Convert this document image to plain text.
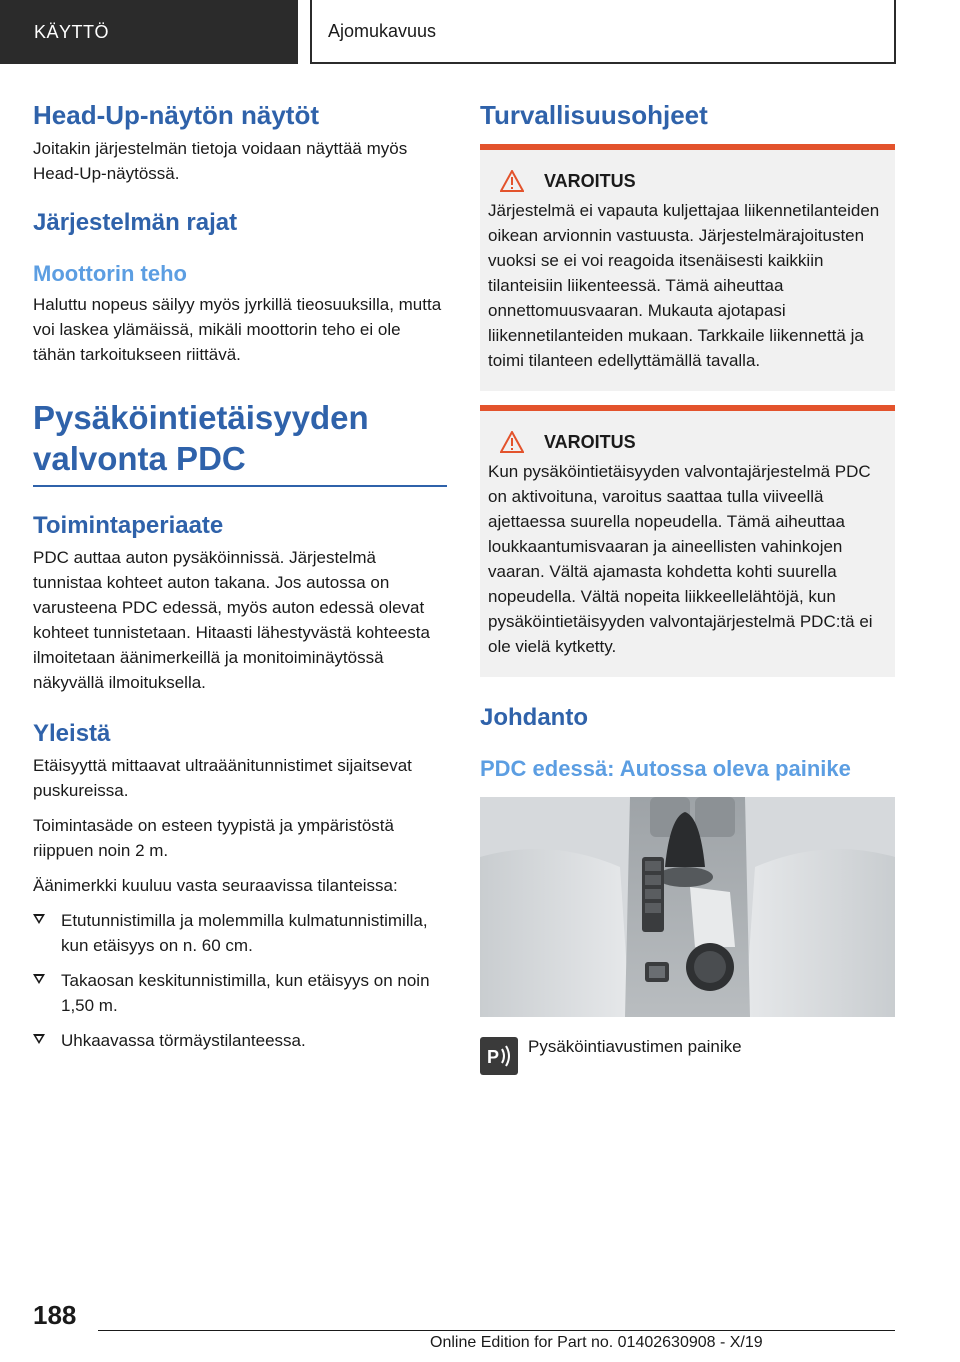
KÄYTTÖ	Ajomukavuus
Head-Up-näytön näytöt

Joitakin järjestelmän tietoja voidaan näyttää myös Head-Up-näytössä.

Järjestelmän rajat
Moottorin teho

Haluttu nopeus säilyy myös jyrkillä tieosuuksilla, mutta voi laskea ylämäissä, mikäli moottorin teho ei ole tähän tarkoitukseen riittävä.

Pysäköintietäisyyden
valvonta PDC
Toimintaperiaate

PDC auttaa auton pysäköinnissä. Järjestelmä tunnistaa kohteet auton takana. Jos autossa on varusteena PDC edessä, myös auton edessä olevat kohteet tunnistetaan. Hitaasti lähestyvästä kohteesta ilmoitetaan äänimerkeillä ja monitoiminäytössä näkyvällä ilmoituksella.

Yleistä

Etäisyyttä mittaavat ultraäänitunnistimet sijaitsevat puskureissa.

Toimintasäde on esteen tyypistä ja ympäristöstä riippuen noin 2 m.

Äänimerkki kuuluu vasta seuraavissa tilanteissa:

Etutunnistimilla ja molemmilla kulmatunnistimilla, kun etäisyys on n. 60 cm.
Takaosan keskitunnistimilla, kun etäisyys on noin 1,50 m.
Uhkaavassa törmäystilanteessa.
Turvallisuusohjeet
VAROITUS

Järjestelmä ei vapauta kuljettajaa liikennetilanteiden oikean arvionnin vastuusta. Järjestelmärajoitusten vuoksi se ei voi reagoida itsenäisesti kaikkiin tilanteisiin liikenteessä. Tämä aiheuttaa onnettomuusvaaran. Mukauta ajotapasi liikennetilanteiden mukaan. Tarkkaile liikennettä ja toimi tilanteen edellyttämällä tavalla.

VAROITUS

Kun pysäköintietäisyyden valvontajärjestelmä PDC on aktivoituna, varoitus saattaa tulla viiveellä ajettaessa suurella nopeudella. Tämä aiheuttaa loukkaantumisvaaran ja aineellisten vahinkojen vaaran. Vältä ajamasta kohdetta kohti suurella nopeudella. Vältä nopeita liikkeellelähtöjä, kun pysäköintietäisyyden valvontajärjestelmä PDC:tä ei ole vielä kytketty.

Johdanto
PDC edessä: Autossa oleva painike
P

Pysäköintiavustimen painike

188
Online Edition for Part no. 01402630908 - X/19
